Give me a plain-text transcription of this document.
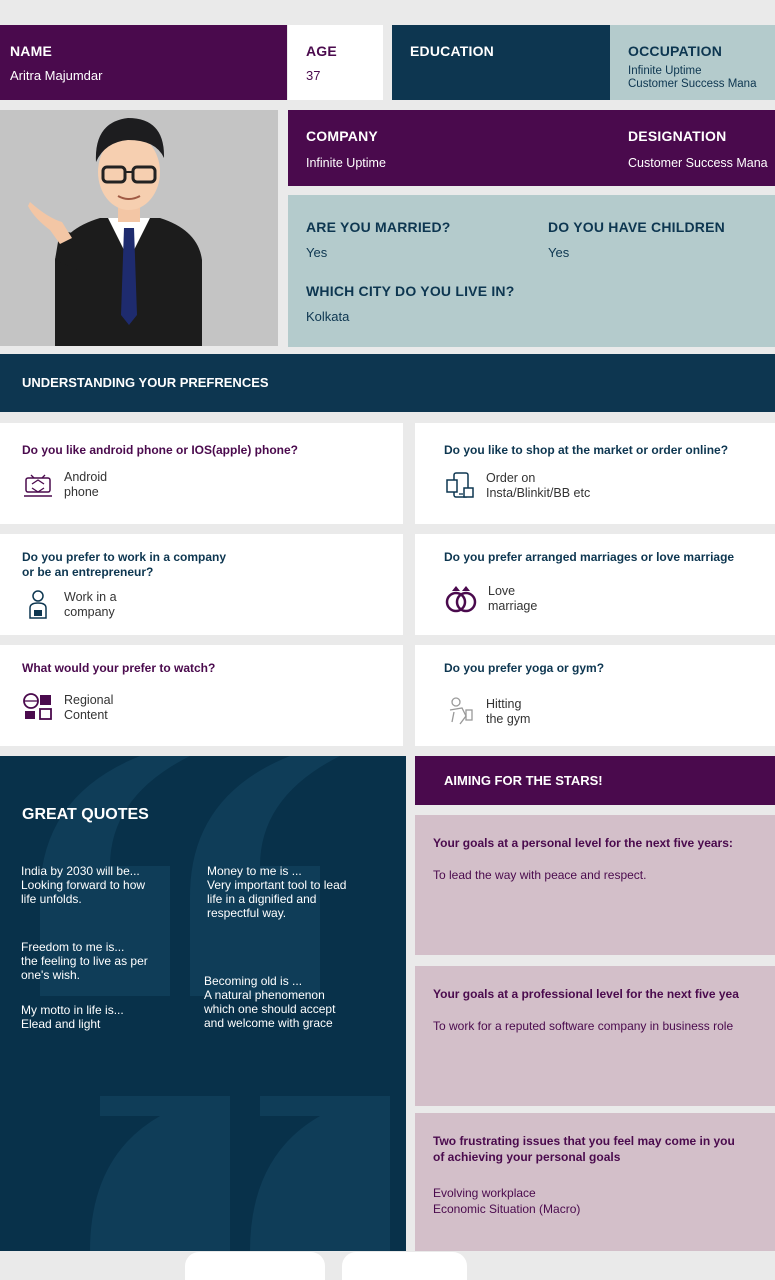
NAME
Aritra Majumdar
AGE
37
EDUCATION	OCCUPATION
Infinite Uptime
Customer Success Mana
COMPANY
Infinite Uptime
DESIGNATION
Customer Success Mana
ARE YOU MARRIED?
Yes
DO YOU HAVE CHILDREN
Yes
WHICH CITY DO YOU LIVE IN?
Kolkata
UNDERSTANDING YOUR PREFRENCES
Do you like android phone or IOS(apple) phone?
Android
phone
Do you like to shop at the market or order online?
Order on
Insta/Blinkit/BB etc
Do you prefer to work in a company
or be an entrepreneur?
Work in a
company
Do you prefer arranged marriages or love marriage
Love
marriage
What would your prefer to watch?
Regional
Content
Do you prefer yoga or gym?
Hitting
the gym
GREAT QUOTES
India by 2030 will be...
Looking forward to how
life unfolds.
Money to me is ...
Very important tool to lead
life in a dignified and
respectful way.
Freedom to me is...
the feeling to live as per
one's wish.	Becoming old is ...
A natural phenomenon
which one should accept
and welcome with grace
My motto in life is...
Elead and light
AIMING FOR THE STARS!
Your goals at a personal level for the next five years:
To lead the way with peace and respect.
Your goals at a professional level for the next five yea
To work for a reputed software company in business role
Two frustrating issues that you feel may come in you
of achieving your personal goals
Evolving workplace
Economic Situation (Macro)
